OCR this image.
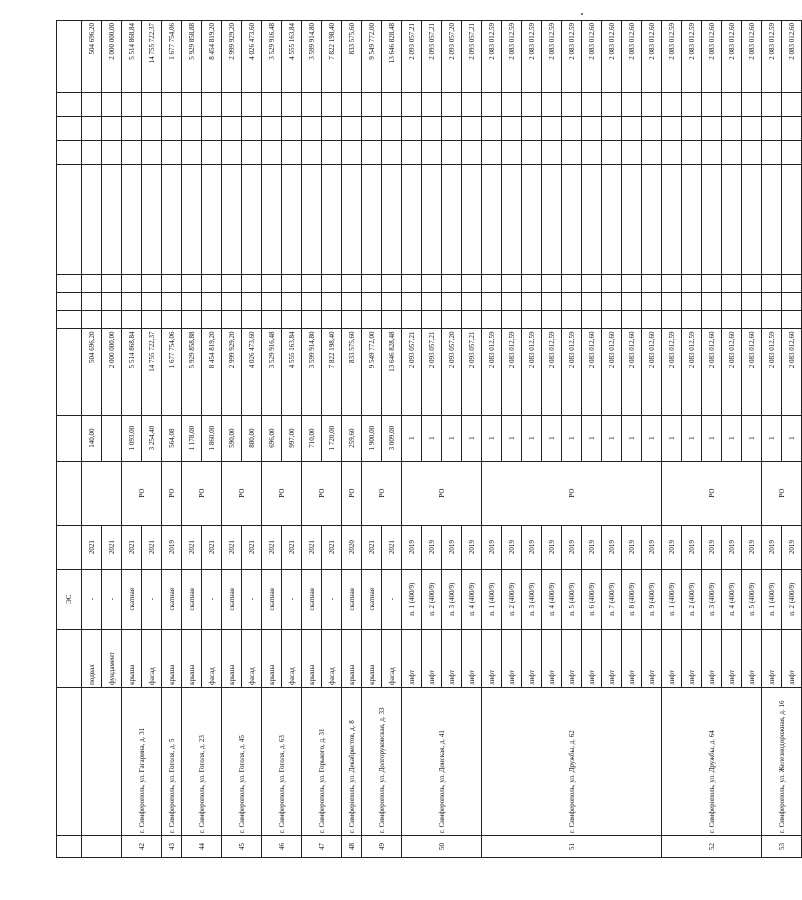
			ЭС												
		подвал	-	2021		140,00	504 696,20								504 696,20
		фундамент	-	2021			2 000 000,00								2 000 000,00
42	г. Симферополь, ул. Гагарина, д. 31	крыша	скатная	2021	РО	1 093,00	5 514 868,84								5 514 868,84
		фасад	-	2021		3 254,40	14 755 722,37								14 755 722,37
43	г. Симферополь, ул. Гоголя, д. 5	крыша	скатная	2019	РО	564,08	1 677 754,06								1 677 754,06
44	г. Симферополь, ул. Гоголя, д. 23	крыша	скатная	2021	РО	1 178,00	5 929 858,88								5 929 858,88
		фасад	-	2021		1 860,00	8 454 819,20								8 454 819,20
45	г. Симферополь, ул. Гоголя, д. 45	крыша	скатная	2021	РО	590,00	2 999 929,20								2 999 929,20
		фасад	-	2021		880,00	4 026 473,60								4 026 473,60
46	г. Симферополь, ул. Гоголя, д. 63	крыша	скатная	2021	РО	696,00	3 529 916,48								3 529 916,48
		фасад	-	2021		997,00	4 555 163,84								4 555 163,84
47	г. Симферополь, ул. Горького, д. 31	крыша	скатная	2021	РО	710,00	3 599 914,80								3 599 914,80
		фасад	-	2021		1 720,00	7 822 198,40								7 822 198,40
48	г. Симферополь, ул. Декабристов, д. 8	крыша	скатная	2020	РО	259,60	833 575,60								833 575,60
49	г. Симферополь, ул. Долгоруковская, д. 33	крыша	скатная	2021	РО	1 900,00	9 549 772,00								9 549 772,00
		фасад	-	2021		3 009,00	13 646 828,48								13 646 828,48
50	г. Симферополь, ул. Донская, д. 41	лифт	п. 1 (400/9)	2019	РО	1	2 093 057,21								2 093 057,21
		лифт	п. 2 (400/9)	2019		1	2 093 057,21								2 093 057,21
		лифт	п. 3 (400/9)	2019		1	2 093 057,20								2 093 057,20
		лифт	п. 4 (400/9)	2019		1	2 093 057,21								2 093 057,21
51	г. Симферополь, ул. Дружбы, д. 62	лифт	п. 1 (400/9)	2019	РО	1	2 083 012,59								2 083 012,59
		лифт	п. 2 (400/9)	2019		1	2 083 012,59								2 083 012,59
		лифт	п. 3 (400/9)	2019		1	2 083 012,59								2 083 012,59
		лифт	п. 4 (400/9)	2019		1	2 083 012,59								2 083 012,59
		лифт	п. 5 (400/9)	2019		1	2 083 012,59								2 083 012,59
		лифт	п. 6 (400/9)	2019		1	2 083 012,60								2 083 012,60
		лифт	п. 7 (400/9)	2019		1	2 083 012,60								2 083 012,60
		лифт	п. 8 (400/9)	2019		1	2 083 012,60								2 083 012,60
		лифт	п. 9 (400/9)	2019		1	2 083 012,60								2 083 012,60
52	г. Симферополь, ул. Дружбы, д. 64	лифт	п. 1 (400/9)	2019	РО	1	2 083 012,59								2 083 012,59
		лифт	п. 2 (400/9)	2019		1	2 083 012,59								2 083 012,59
		лифт	п. 3 (400/9)	2019		1	2 083 012,60								2 083 012,60
		лифт	п. 4 (400/9)	2019		1	2 083 012,60								2 083 012,60
		лифт	п. 5 (400/9)	2019		1	2 083 012,60								2 083 012,60
53	г. Симферополь, ул. Железнодорожная, д. 16	лифт	п. 1 (400/9)	2019	РО	1	2 083 012,59								2 083 012,59
		лифт	п. 2 (400/9)	2019		1	2 083 012,60								2 083 012,60
